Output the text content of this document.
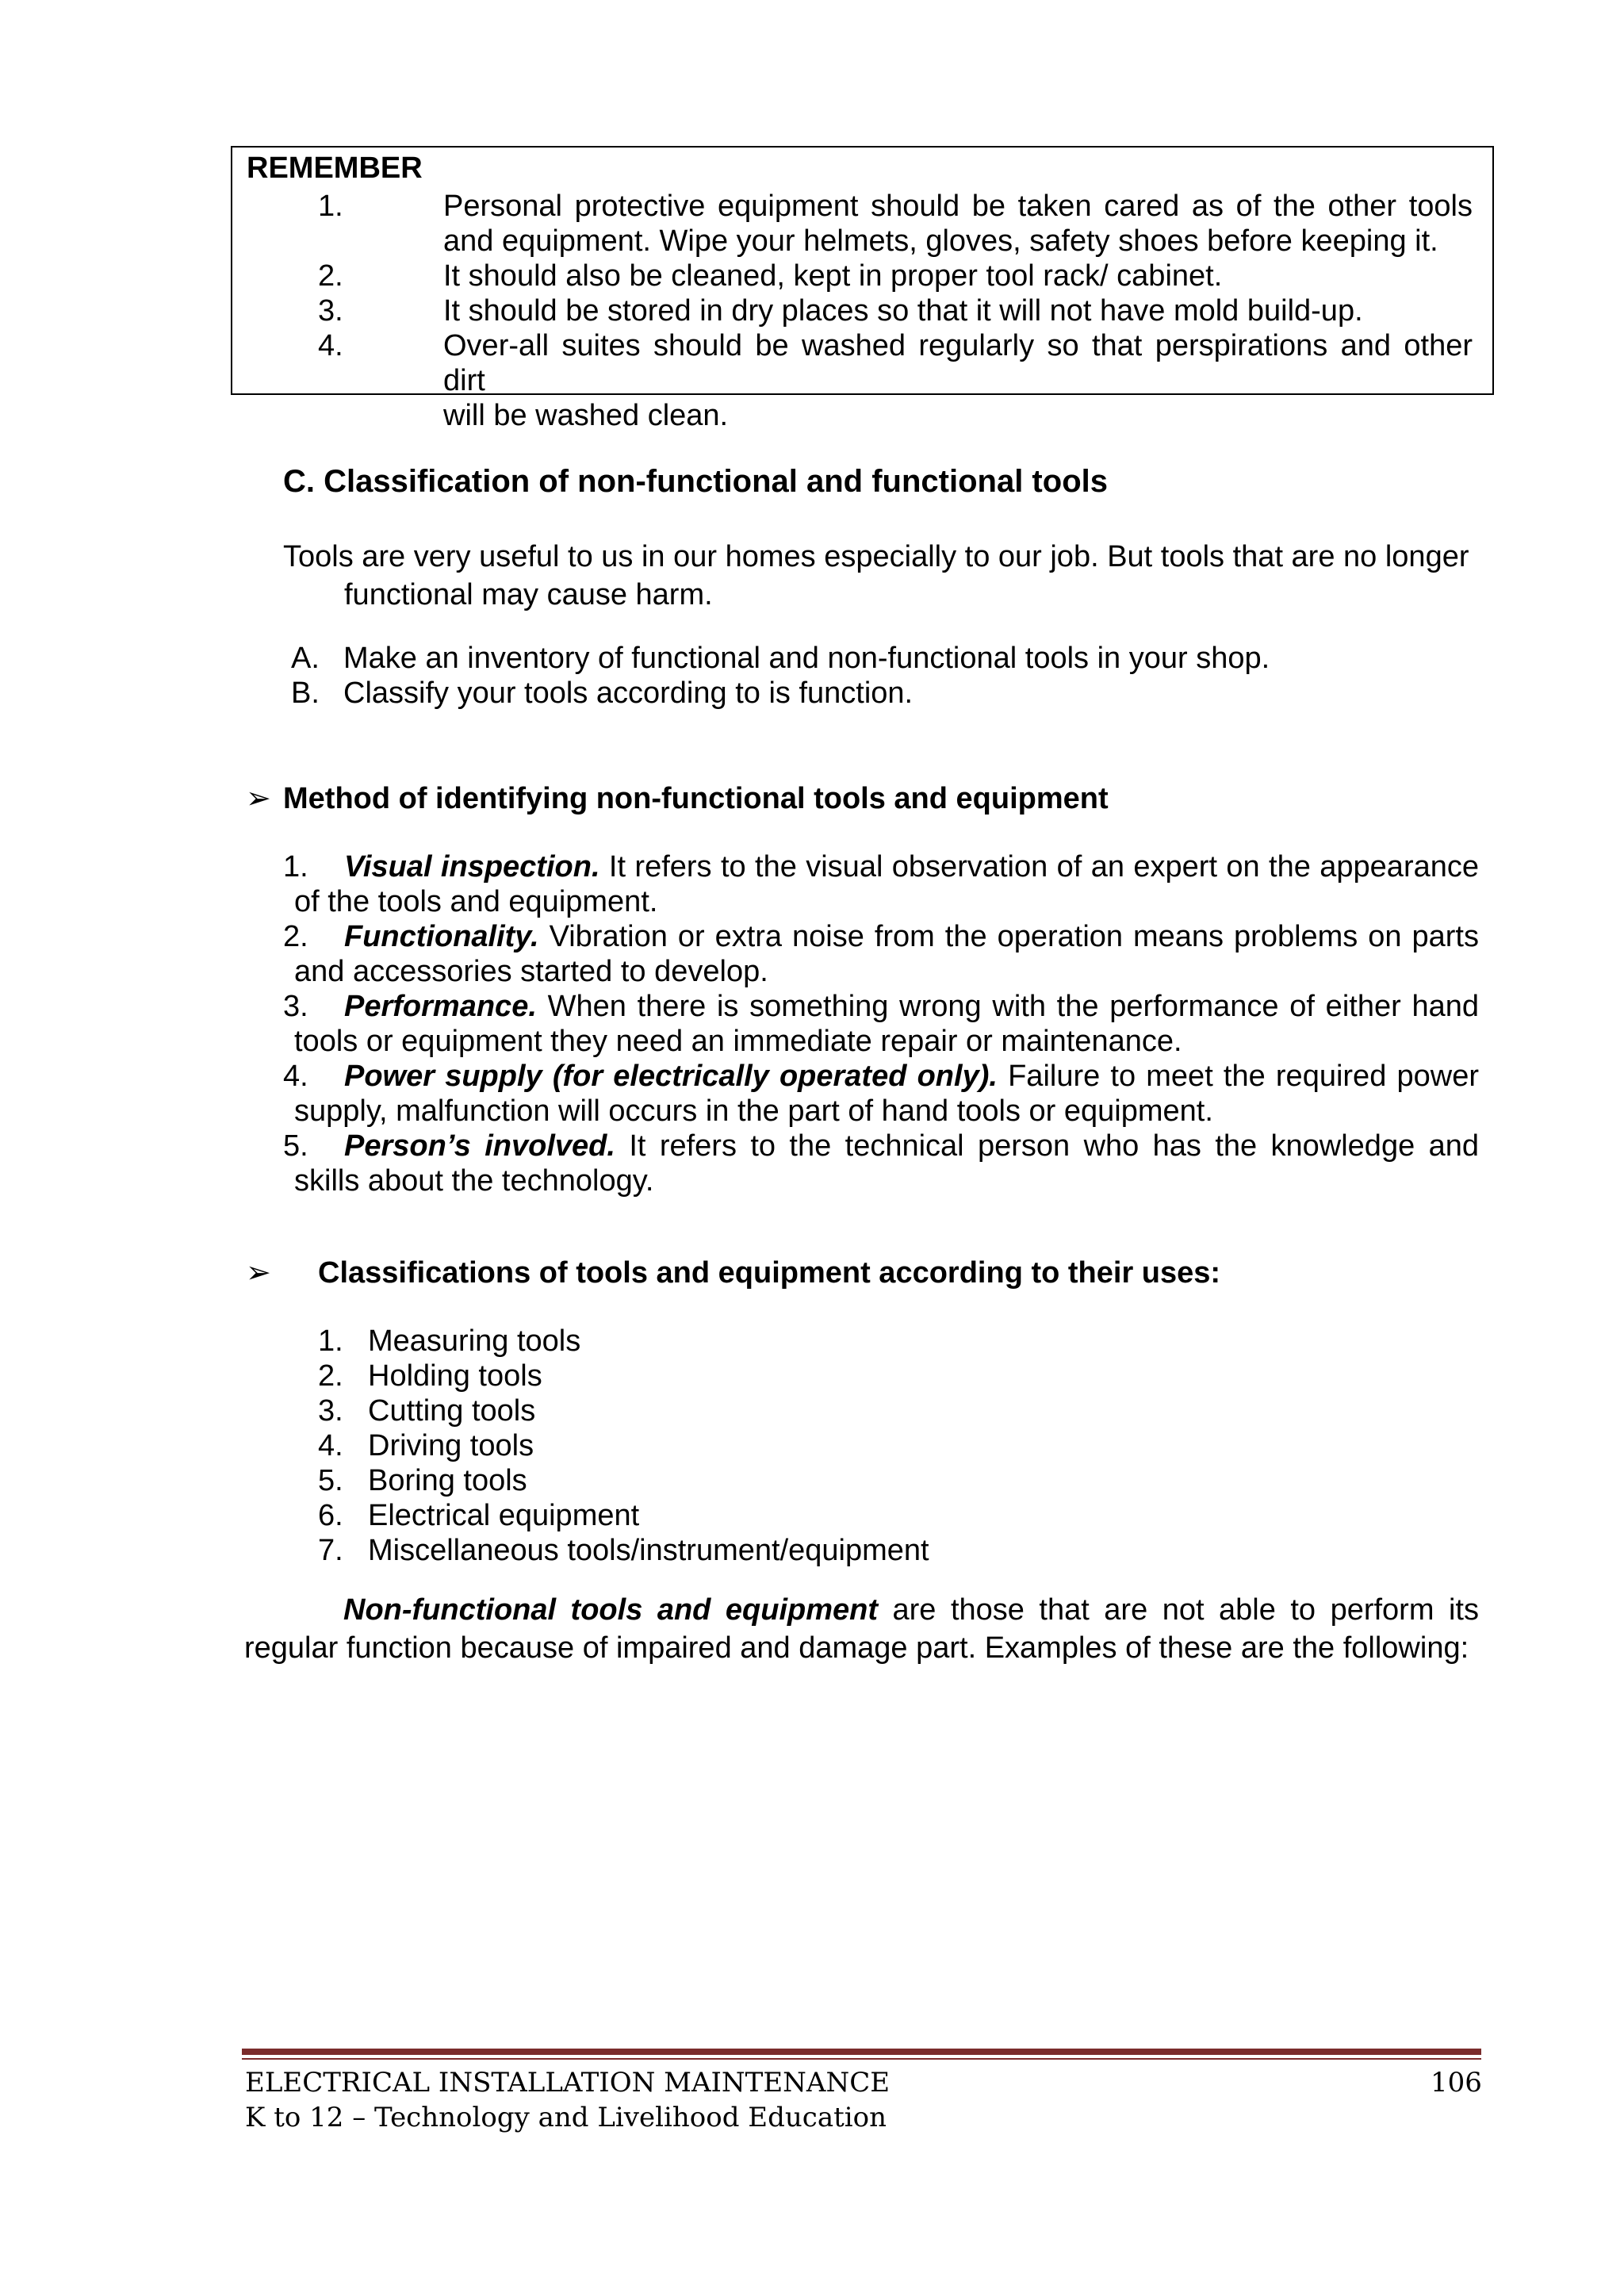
REMEMBER
1.	Personal protective equipment should be taken cared as of the other tools
and equipment. Wipe your helmets, gloves, safety shoes before keeping it.
2.	It should also be cleaned, kept in proper tool rack/ cabinet.
3.	It should be stored in dry places so that it will not have mold build-up.
4.	Over-all suites should be washed regularly so that perspirations and other dirt
will be washed clean.
C. Classification of non-functional and functional tools
Tools are very useful to us in our homes especially to our job. But tools that are no longer
functional may cause harm.
A. Make an inventory of functional and non-functional tools in your shop.
B. Classify your tools according to is function.
➢ Method of identifying non-functional tools and equipment
1. Visual inspection. It refers to the visual observation of an expert on the appearance
of the tools and equipment.
2. Functionality. Vibration or extra noise from the operation means problems on parts
and accessories started to develop.
3. Performance. When there is something wrong with the performance of either hand
tools or equipment they need an immediate repair or maintenance.
4. Power supply (for electrically operated only). Failure to meet the required power
supply, malfunction will occurs in the part of hand tools or equipment.
5. Person’s involved. It refers to the technical person who has the knowledge and
skills about the technology.
➢ Classifications of tools and equipment according to their uses:
1. Measuring tools
2. Holding tools
3. Cutting tools
4. Driving tools
5. Boring tools
6. Electrical equipment
7. Miscellaneous tools/instrument/equipment
Non-functional tools and equipment are those that are not able to perform its
regular function because of impaired and damage part. Examples of these are the following:
ELECTRICAL INSTALLATION MAINTENANCE
K to 12 – Technology and Livelihood Education
106
